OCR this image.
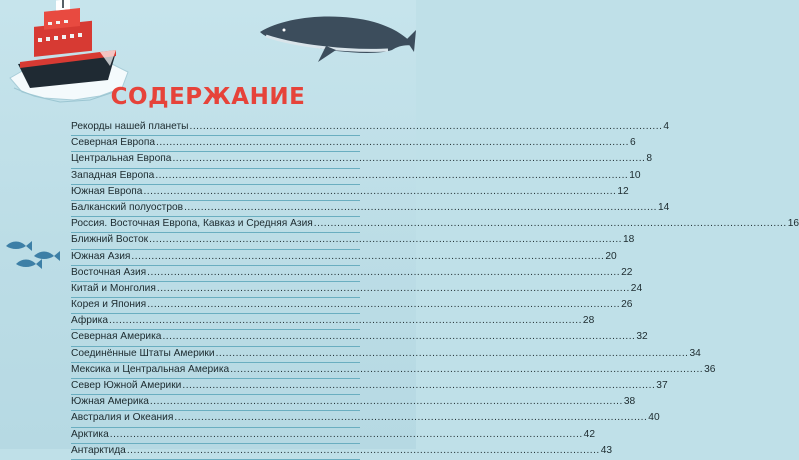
СОДЕРЖАНИЕ
Рекорды нашей планеты .....	4
Северная Европа .....	6
Центральная Европа .....	8
Западная Европа .....	10
Южная Европа .....	12
Балканский полуостров .....	14
Россия. Восточная Европа, Кавказ и Средняя Азия .....	16
Ближний Восток .....	18
Южная Азия .....	20
Восточная Азия .....	22
Китай и Монголия .....	24
Корея и Япония .....	26
Африка .....	28
Северная Америка .....	32
Соединённые Штаты Америки .....	34
Мексика и Центральная Америка .....	36
Север Южной Америки .....	37
Южная Америка .....	38
Австралия и Океания .....	40
Арктика .....	42
Антарктида .....	43
